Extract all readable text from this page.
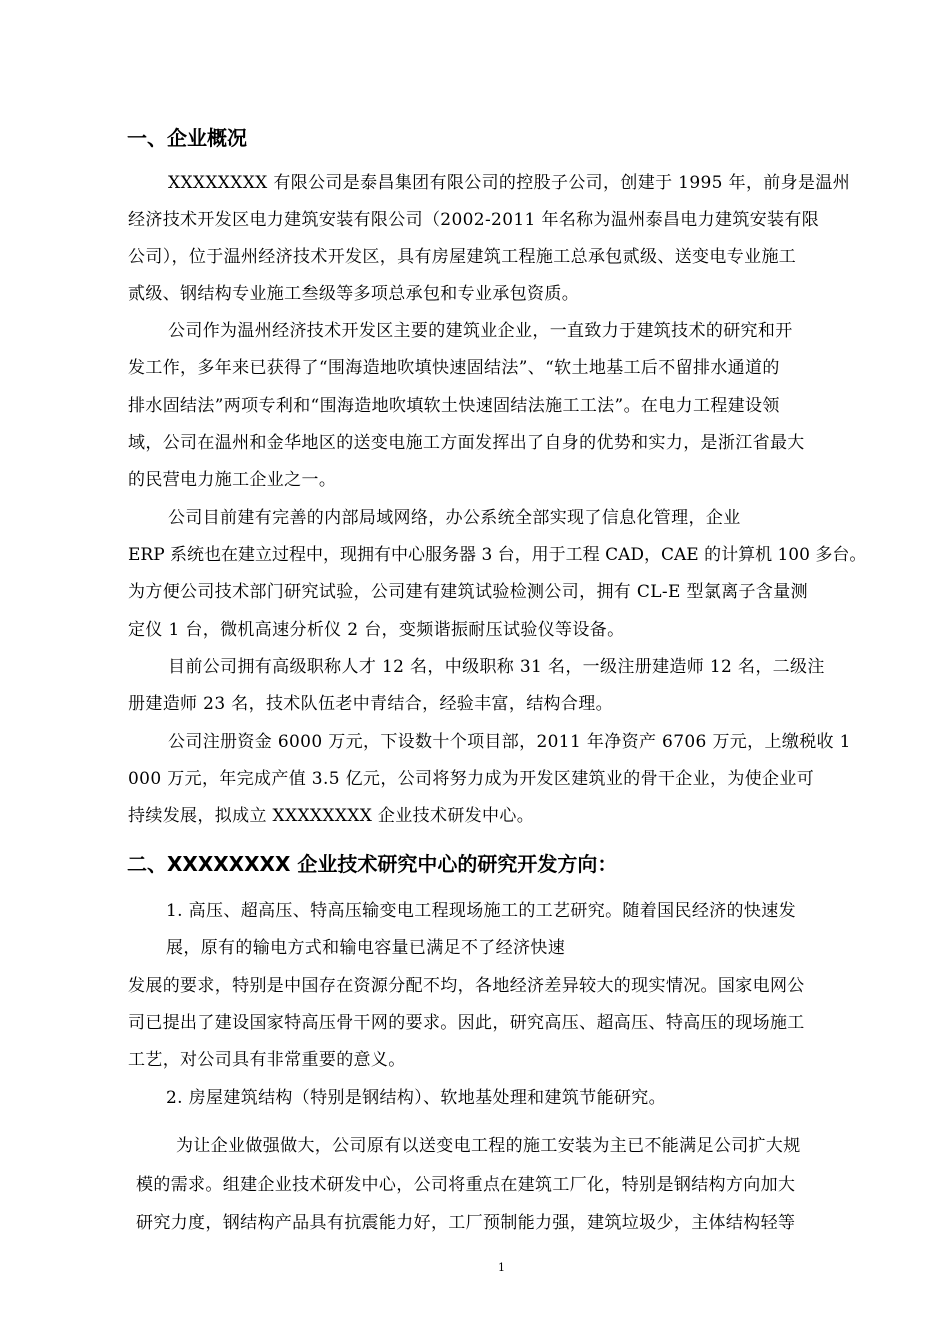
一、企业概况
XXXXXXXX 有限公司是泰昌集团有限公司的控股子公司，创建于 1995 年，前身是温州
经济技术开发区电力建筑安装有限公司（2002-2011 年名称为温州泰昌电力建筑安装有限
公司），位于温州经济技术开发区，具有房屋建筑工程施工总承包贰级、送变电专业施工
贰级、钢结构专业施工叁级等多项总承包和专业承包资质。
公司作为温州经济技术开发区主要的建筑业企业，一直致力于建筑技术的研究和开
发工作，多年来已获得了“围海造地吹填快速固结法”、“软土地基工后不留排水通道的
排水固结法”两项专利和“围海造地吹填软土快速固结法施工工法”。在电力工程建设领
域，公司在温州和金华地区的送变电施工方面发挥出了自身的优势和实力，是浙江省最大
的民营电力施工企业之一。
公司目前建有完善的内部局域网络，办公系统全部实现了信息化管理，企业
ERP 系统也在建立过程中，现拥有中心服务器 3 台，用于工程 CAD，CAE 的计算机 100 多台。
为方便公司技术部门研究试验，公司建有建筑试验检测公司，拥有 CL-E 型氯离子含量测
定仪 1 台，微机高速分析仪 2 台，变频谐振耐压试验仪等设备。
目前公司拥有高级职称人才 12 名，中级职称 31 名，一级注册建造师 12 名，二级注
册建造师 23 名，技术队伍老中青结合，经验丰富，结构合理。
公司注册资金 6000 万元，下设数十个项目部，2011 年净资产 6706 万元，上缴税收 1
000 万元，年完成产值 3.5 亿元，公司将努力成为开发区建筑业的骨干企业，为使企业可
持续发展，拟成立 XXXXXXXX 企业技术研发中心。
二、XXXXXXXX 企业技术研究中心的研究开发方向：
1. 高压、超高压、特高压输变电工程现场施工的工艺研究。随着国民经济的快速发
展，原有的输电方式和输电容量已满足不了经济快速
发展的要求，特别是中国存在资源分配不均，各地经济差异较大的现实情况。国家电网公
司已提出了建设国家特高压骨干网的要求。因此，研究高压、超高压、特高压的现场施工
工艺，对公司具有非常重要的意义。
2. 房屋建筑结构（特别是钢结构）、软地基处理和建筑节能研究。
为让企业做强做大，公司原有以送变电工程的施工安装为主已不能满足公司扩大规
模的需求。组建企业技术研发中心，公司将重点在建筑工厂化，特别是钢结构方向加大
研究力度，钢结构产品具有抗震能力好，工厂预制能力强，建筑垃圾少，主体结构轻等
1
